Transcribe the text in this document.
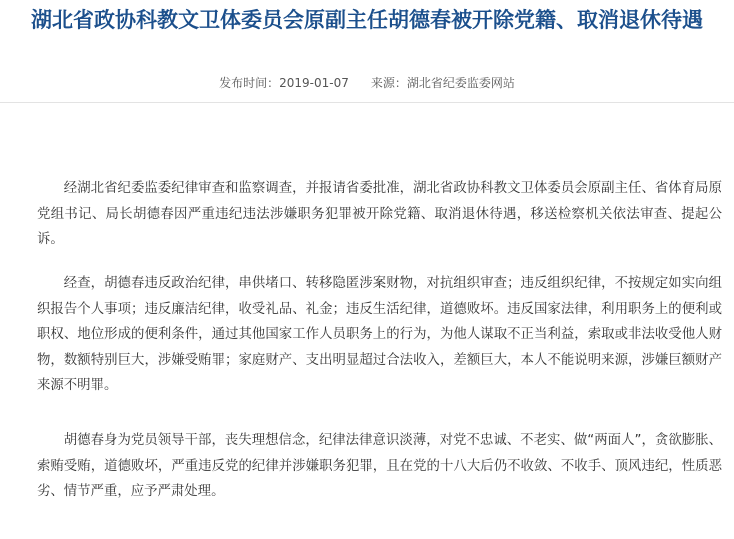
湖北省政协科教文卫体委员会原副主任胡德春被开除党籍、取消退休待遇
发布时间：2019-01-07 来源：湖北省纪委监委网站

经湖北省纪委监委纪律审查和监察调查，并报请省委批准，湖北省政协科教文卫体委员会原副主任、省体育局原党组书记、局长胡德春因严重违纪违法涉嫌职务犯罪被开除党籍、取消退休待遇，移送检察机关依法审查、提起公诉。

经查，胡德春违反政治纪律，串供堵口、转移隐匿涉案财物，对抗组织审查；违反组织纪律，不按规定如实向组织报告个人事项；违反廉洁纪律，收受礼品、礼金；违反生活纪律，道德败坏。违反国家法律，利用职务上的便利或职权、地位形成的便利条件，通过其他国家工作人员职务上的行为，为他人谋取不正当利益，索取或非法收受他人财物，数额特别巨大，涉嫌受贿罪；家庭财产、支出明显超过合法收入，差额巨大，本人不能说明来源，涉嫌巨额财产来源不明罪。

胡德春身为党员领导干部，丧失理想信念，纪律法律意识淡薄，对党不忠诚、不老实、做“两面人”，贪欲膨胀、索贿受贿，道德败坏，严重违反党的纪律并涉嫌职务犯罪，且在党的十八大后仍不收敛、不收手、顶风违纪，性质恶劣、情节严重，应予严肃处理。
